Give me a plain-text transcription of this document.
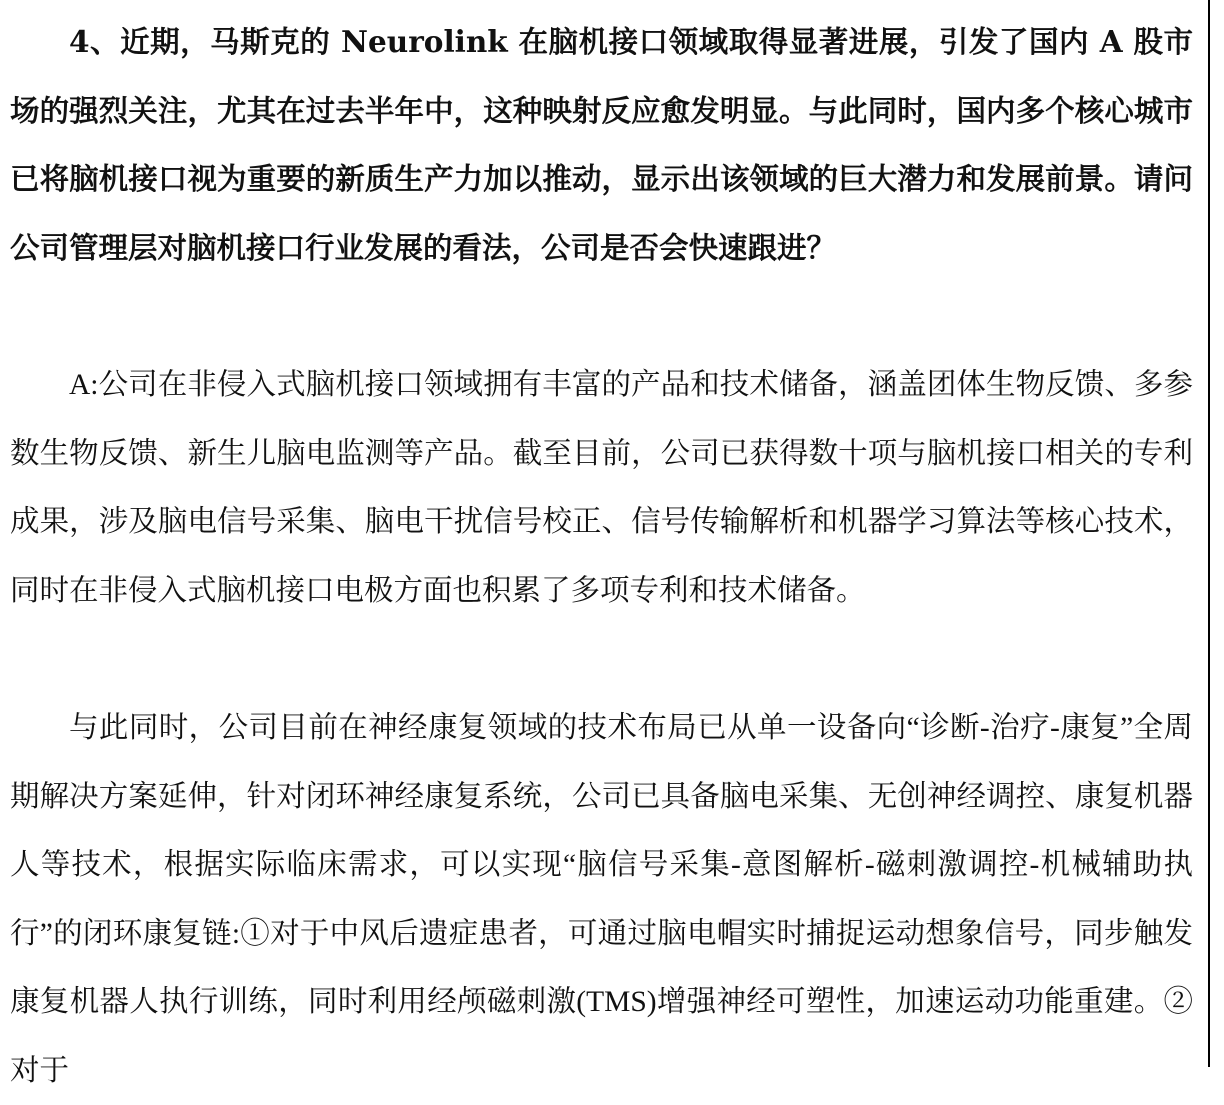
4、近期，马斯克的 Neurolink 在脑机接口领域取得显著进展，引发了国内 A 股市场的强烈关注，尤其在过去半年中，这种映射反应愈发明显。与此同时，国内多个核心城市已将脑机接口视为重要的新质生产力加以推动，显示出该领域的巨大潜力和发展前景。请问公司管理层对脑机接口行业发展的看法，公司是否会快速跟进？

A:公司在非侵入式脑机接口领域拥有丰富的产品和技术储备，涵盖团体生物反馈、多参数生物反馈、新生儿脑电监测等产品。截至目前，公司已获得数十项与脑机接口相关的专利成果，涉及脑电信号采集、脑电干扰信号校正、信号传输解析和机器学习算法等核心技术，同时在非侵入式脑机接口电极方面也积累了多项专利和技术储备。

与此同时，公司目前在神经康复领域的技术布局已从单一设备向“诊断-治疗-康复”全周期解决方案延伸，针对闭环神经康复系统，公司已具备脑电采集、无创神经调控、康复机器人等技术，根据实际临床需求，可以实现“脑信号采集-意图解析-磁刺激调控-机械辅助执行”的闭环康复链:①对于中风后遗症患者，可通过脑电帽实时捕捉运动想象信号，同步触发康复机器人执行训练，同时利用经颅磁刺激(TMS)增强神经可塑性，加速运动功能重建。②对于
